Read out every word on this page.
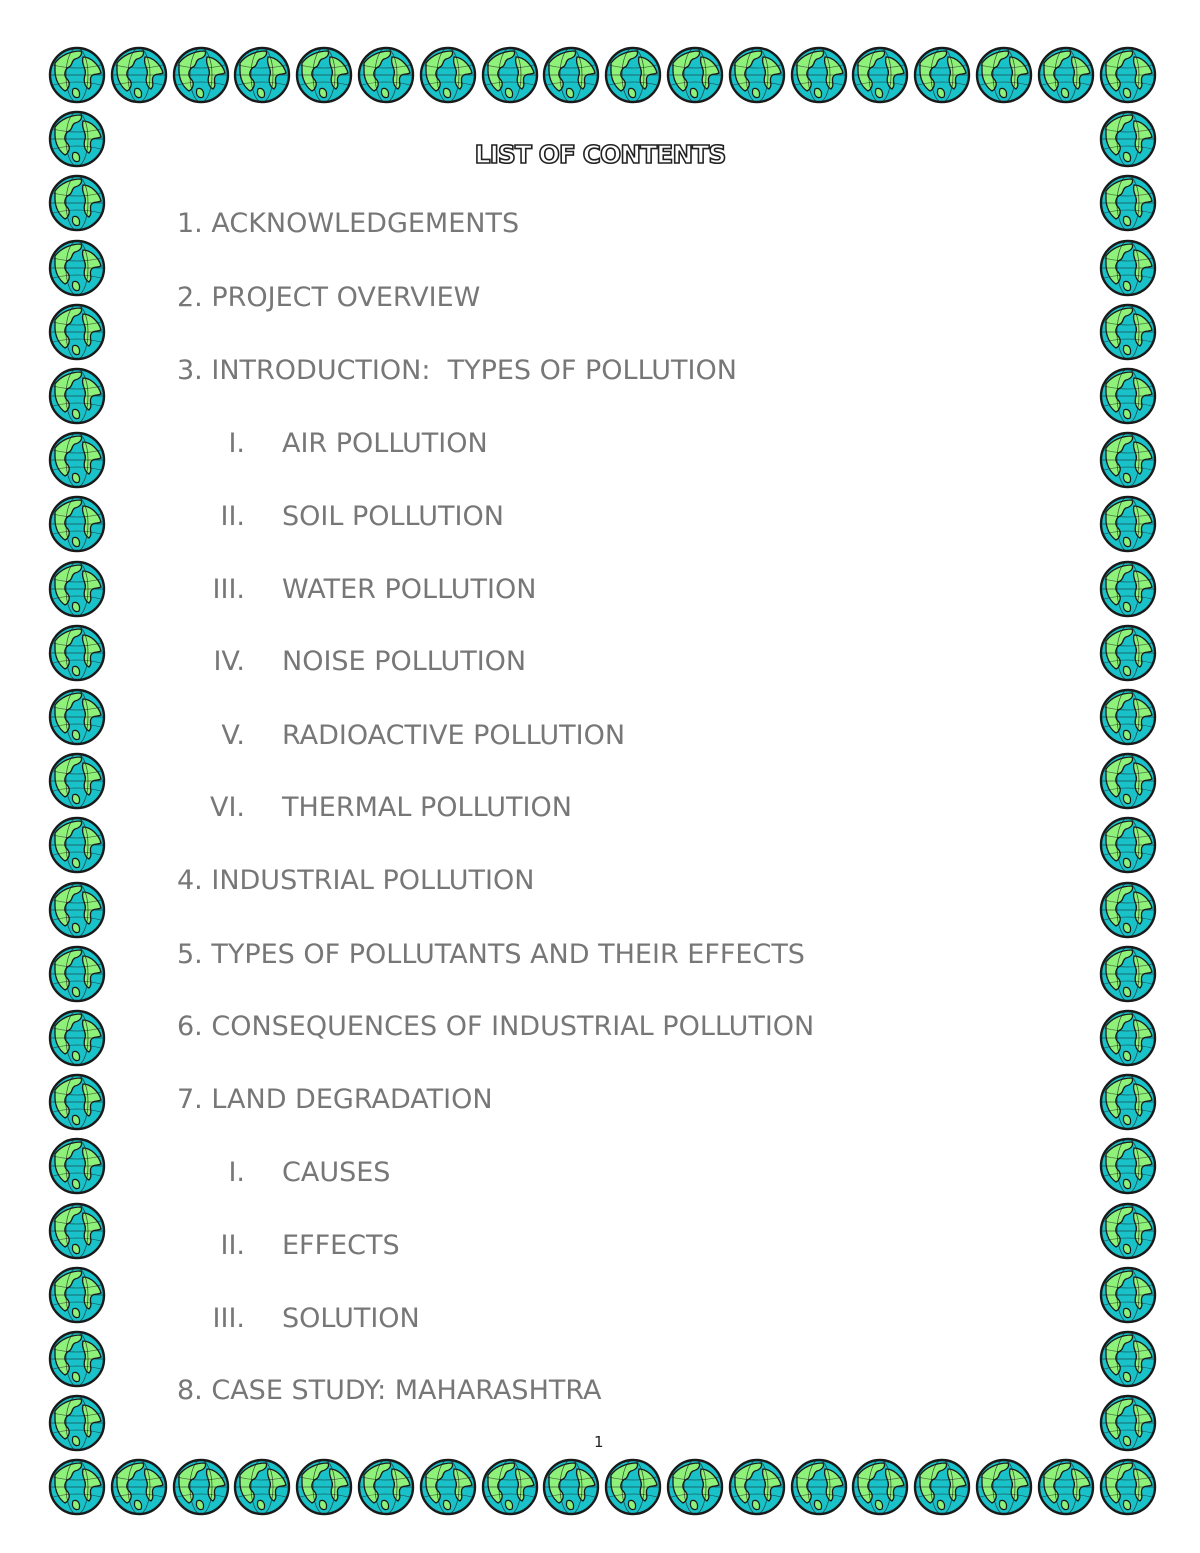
LIST OF CONTENTS
1. ACKNOWLEDGEMENTS
2. PROJECT OVERVIEW
3. INTRODUCTION:  TYPES OF POLLUTION
I. AIR POLLUTION
II. SOIL POLLUTION
III. WATER POLLUTION
IV. NOISE POLLUTION
V. RADIOACTIVE POLLUTION
VI. THERMAL POLLUTION
4. INDUSTRIAL POLLUTION
5. TYPES OF POLLUTANTS AND THEIR EFFECTS
6. CONSEQUENCES OF INDUSTRIAL POLLUTION
7. LAND DEGRADATION
I. CAUSES
II. EFFECTS
III. SOLUTION
8. CASE STUDY: MAHARASHTRA
1
